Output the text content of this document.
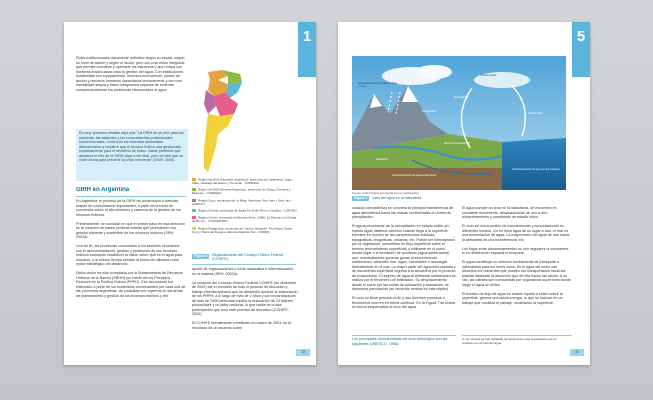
1
Roles institucionales claramente definidos según su escala, según su nivel de acción y según el sector, pero con una visión integrada que permita coordinar y optimizar los esfuerzos y que rompa con fronteras inadecuadas para la gestión del agua. Con instituciones fortalecidas con equipamiento, recursos económicos, planes de acción y recursos humanos capacitados técnicamente y con una mentalidad amplia y visión integradora capaces de entender comprensivamente los problemas relacionados al agua.
Es muy oportuno resaltar aquí que "La GIRH es un reto para las prácticas, las actitudes y los conocimientos profesionales convencionales. Confronta los intereses sectoriales atrincherados y requiere que el recurso hídrico sea gestionado holísticamente para el beneficio de todos. Nadie pretende que alcanzar el reto de la GIRH vaya a ser fácil, pero es vital que se inicie ahora para prevenir la crisis inminente" (GWP, 2005).
GIRH en Argentina
En Argentina, el proceso de la GIRH ha comenzado a transitar etapas de consolidación importantes, a partir de la toma de conciencia sobre el alto deterioro y carencia de la gestión de los recursos hídricos.

Primeramente, se coincidió en que el primer paso en esa dirección es la creación de bases jurídicas sólidas que promuevan una gestión eficiente y sostenible de los recursos hídricos (SRH, 2002a).

Con tal fin, las provincias convocaron a los sectores vinculados con el aprovechamiento, gestión y protección de sus recursos hídricos buscando establecer la visión sobre qué es el agua para nosotros, y al mismo tiempo señalar la forma de utilizarla como motor estratégico del desarrollo.

Dicha visión ha sido compilada por la Subsecretaría de Recursos Hídricos de la Nación (SRHN) por medio de los Principios Rectores de la Política Hídrica (PRPH). Ese documento fue elaborado a partir de los contenidos concordantes por cada una de las provincias argentinas, de consultas con expertos en las áreas de planeamiento y gestión de los recursos hídricos y del
Región del NOA (Noroeste Argentino): provincias de Catamarca, Jujuy, Salta, Santiago del Estero y Tucumán - CODINOA
Región del NEA (Noreste Argentino): provincias de Chaco, Formosa y Misiones - CORENEA
Región Cuyo: provincias de La Rioja, Mendoza, San Juan y San Luis - CORCUY
Región Central: provincias de Santa Fe, Entre Ríos y Córdoba - CORCEN
Región Centro: provincias de Buenos Aires, CABA, La Pampa y la Ciudad de Bs. As. - CORCENTRO
Región Patagónica: provincias de Chubut, Neuquén, Río Negro, Santa Cruz y Tierra del Fuego e Islas del Atlántico Sur - COIRPA
Figura 6	Regionalización del Consejo Hídrico Federal (COHIFE)
aporte de organizaciones y foros nacionales e internacionales en la materia (SRH, 2002a).

La creación del Consejo Hídrico Federal-COHIFE (en diciembre de 2002) fue el corolario de todo el proceso de discusión y trabajo interdisciplinario que se desarrolló durante la elaboración de los PRPH; a lo largo de más de 2 años y con la participación de más de 2500 personas implicó la realización de 23 talleres provinciales y un taller nacional, lo que habla de la alta participación que tuvo este proceso de discusión (COHIFE, 2004).

El COHIFE formalmente constituido en marzo de 2003, es el resultado de un acuerdo sobre
18
5
Condensación
Almacenamiento de agua en hielo y nieve
Precipitación
Evaporación
Sublimación
Escorrentía superficial
Infiltración
Almacenamiento de agua subterránea
Almacenamiento de agua en los océanos
Fuente: United States Geological Survey (adaptación)
Figura 7	Ciclo del agua en la naturaleza
culación atmosférica) se concreta la principal transferencia de agua atmosférica hacia las masas continentales en forma de precipitación.

El agua proveniente de la precipitación en estado sólido y/o líquido sigue distintos caminos cuando llega a la superficie terrestre en función de las características edáficas, topográficas, biográficas, urbanas, etc. Puede ser interceptada por la vegetación, convertirse en flujo superficial sobre el terreno (escurrimiento superficial) o infiltrarse en el suelo donde lugar a la formación de acuíferos (agua subterránea) que, eventualmente generan gusas al escurrimiento subterráneo, afluentes ríos, lagos, humedales o descargar directamente en el mar. La mayor parte del agua interceptada y de escorrentía superficial regresa a la atmósfera por el proceso de evaporación. El ingreso de agua al ambiente subterráneo se realiza por el fenómeno de infiltración. Su desplazamiento desde el suelo por las zonas de saturación y saturación, se denomina percolación (su recorrido vertical es más rápido).

El ciclo no tiene principio ni fin y sus diversos procesos o fenómenos ocurren en forma continua. En la Figura 7 se ilustra en forma esquemática el ciclo del agua.
Los principales características del ciclo hidrológico son las siguientes (UNESCO, 1986):
El agua cumple un ciclo en la naturaleza, se encuentra en constante movimiento, desplazándose de uno a otro almacenamiento y cambiando de estado físico.

El ciclo es una sucesión de transferencias y acumulaciones en diferentes medios. Un río lleva agua de un lugar a otro, el mar es una acumulación de agua. La evaporación del agua de mar hacia la atmósfera es una transferencia, etc.

Los flujos entre almacenamientos no son regulares ni constantes, ni en distribución espacial ni temporal.

El agua constituye un vehículo fundamental de transporte e intercambio para los seres vivos. En el agua del suelo van disueltos los nutrientes que pueden ser transportados hacia las plantas mediante la absorción que de ella hacen las raíces. A su vez, las plantas son consumidas por organismos superiores donde luego el agua se utiliza.

El transito de flujo de agua en estado líquido o sólido sobre la superficie, genera una cierta energía, lo que se traduce en un trabajo que modifica el paisaje, modelando la superficie.
4 - En cursiva se han señalado los fenómenos más importantes que se producen en el ciclo del agua.
34
